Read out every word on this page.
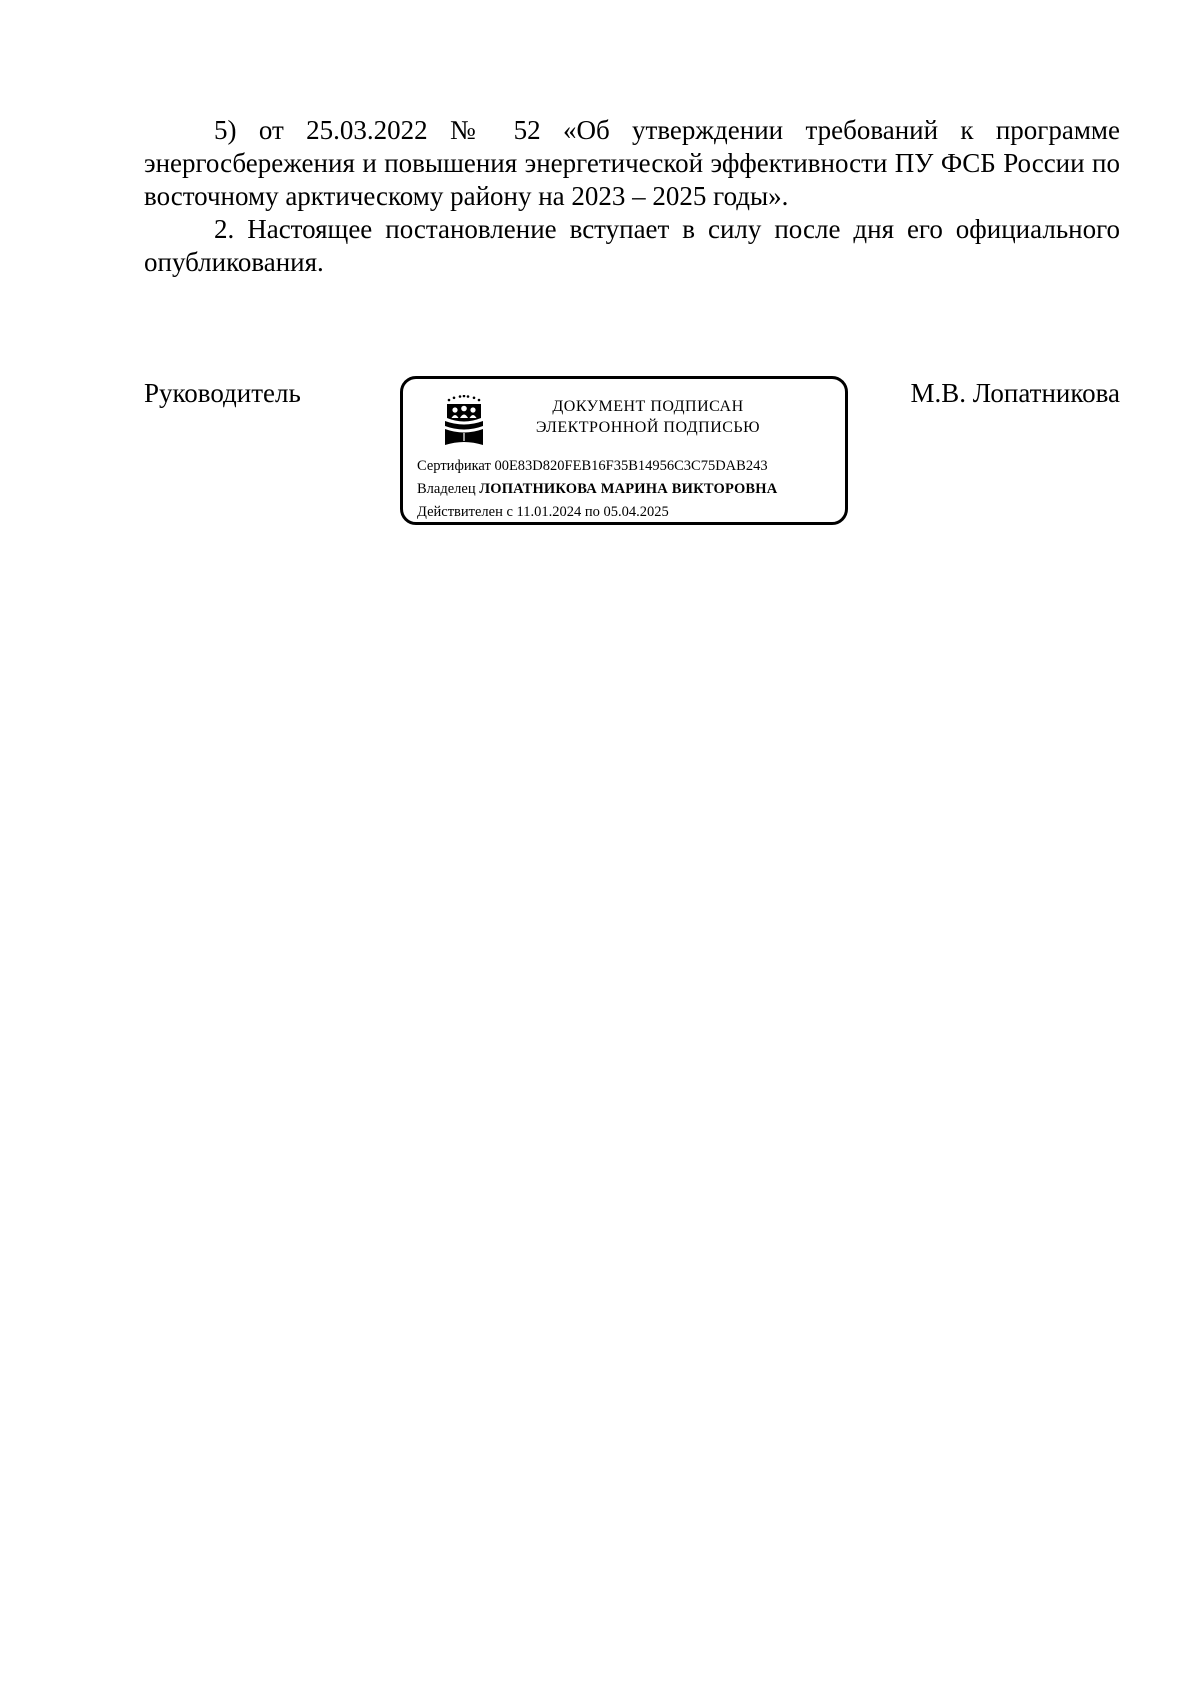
5) от 25.03.2022 № 52 «Об утверждении требований к программе энергосбережения и повышения энергетической эффективности ПУ ФСБ России по восточному арктическому району на 2023 – 2025 годы».

2. Настоящее постановление вступает в силу после дня его официального опубликования.

Руководитель	ДОКУМЕНТ ПОДПИСАН
ЭЛЕКТРОННОЙ ПОДПИСЬЮ
Сертификат 00E83D820FEB16F35B14956C3C75DAB243
Владелец ЛОПАТНИКОВА МАРИНА ВИКТОРОВНА
Действителен с 11.01.2024 по 05.04.2025
М.В. Лопатникова
